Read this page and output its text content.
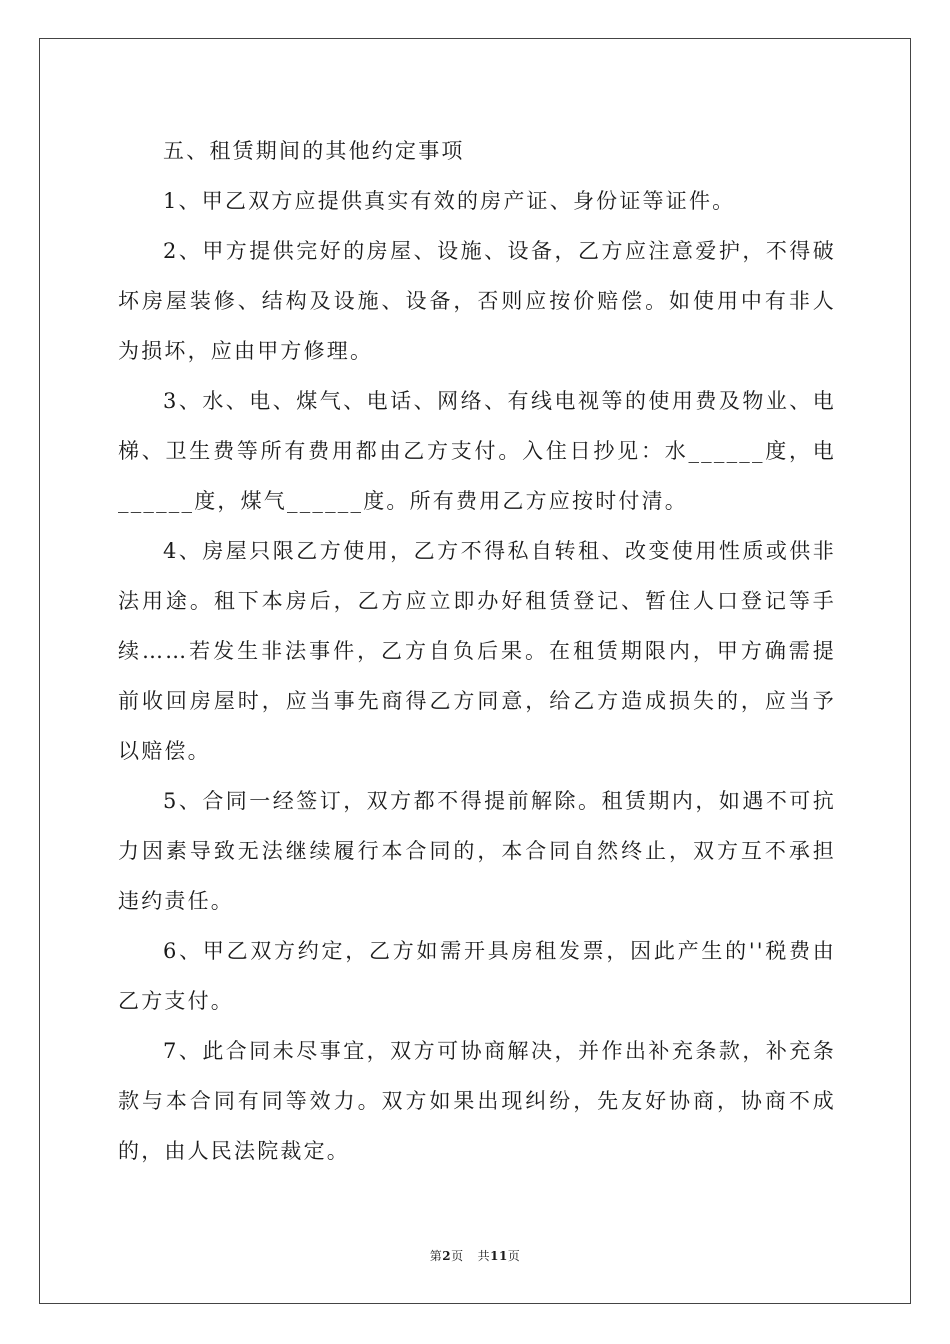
五、租赁期间的其他约定事项

1、甲乙双方应提供真实有效的房产证、身份证等证件。

2、甲方提供完好的房屋、设施、设备，乙方应注意爱护，不得破坏房屋装修、结构及设施、设备，否则应按价赔偿。如使用中有非人为损坏，应由甲方修理。

3、水、电、煤气、电话、网络、有线电视等的使用费及物业、电梯、卫生费等所有费用都由乙方支付。入住日抄见：水______度，电______度，煤气______度。所有费用乙方应按时付清。

4、房屋只限乙方使用，乙方不得私自转租、改变使用性质或供非法用途。租下本房后，乙方应立即办好租赁登记、暂住人口登记等手续……若发生非法事件，乙方自负后果。在租赁期限内，甲方确需提前收回房屋时，应当事先商得乙方同意，给乙方造成损失的，应当予以赔偿。

5、合同一经签订，双方都不得提前解除。租赁期内，如遇不可抗力因素导致无法继续履行本合同的，本合同自然终止，双方互不承担违约责任。

6、甲乙双方约定，乙方如需开具房租发票，因此产生的''税费由乙方支付。

7、此合同未尽事宜，双方可协商解决，并作出补充条款，补充条款与本合同有同等效力。双方如果出现纠纷，先友好协商，协商不成的，由人民法院裁定。

第2页 共11页
